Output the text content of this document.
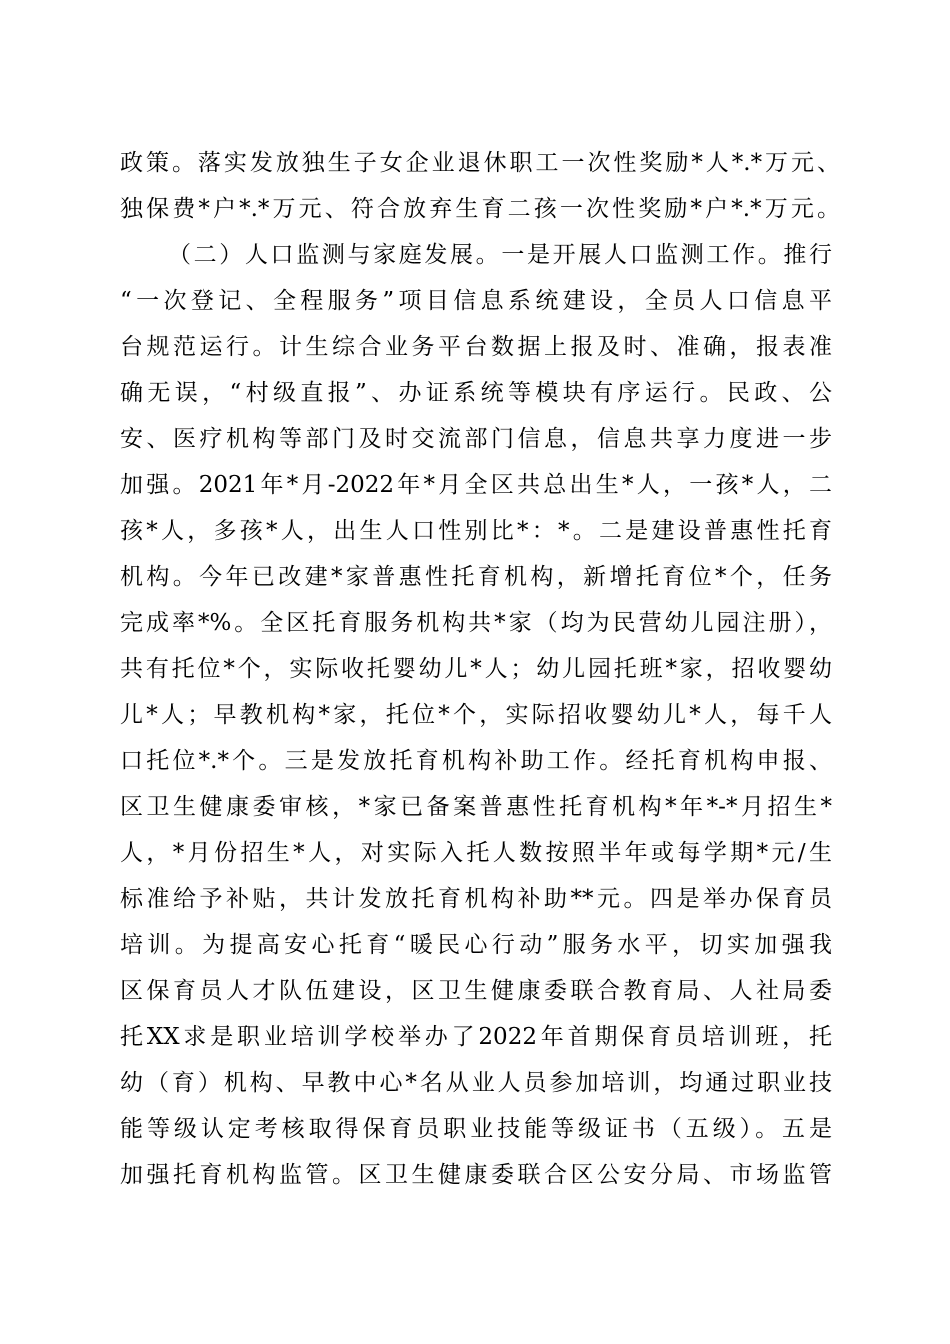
政策。落实发放独生子女企业退休职工一次性奖励*人*.*万元、
独保费*户*.*万元、符合放弃生育二孩一次性奖励*户*.*万元。
（二）人口监测与家庭发展。一是开展人口监测工作。推行
“一次登记、全程服务”项目信息系统建设，全员人口信息平
台规范运行。计生综合业务平台数据上报及时、准确，报表准
确无误，“村级直报”、办证系统等模块有序运行。民政、公
安、医疗机构等部门及时交流部门信息，信息共享力度进一步
加强。2021年*月-2022年*月全区共总出生*人，一孩*人，二
孩*人，多孩*人，出生人口性别比*：*。二是建设普惠性托育
机构。今年已改建*家普惠性托育机构，新增托育位*个，任务
完成率*%。全区托育服务机构共*家（均为民营幼儿园注册），
共有托位*个，实际收托婴幼儿*人；幼儿园托班*家，招收婴幼
儿*人；早教机构*家，托位*个，实际招收婴幼儿*人，每千人
口托位*.*个。三是发放托育机构补助工作。经托育机构申报、
区卫生健康委审核，*家已备案普惠性托育机构*年*-*月招生*
人，*月份招生*人，对实际入托人数按照半年或每学期*元/生
标准给予补贴，共计发放托育机构补助**元。四是举办保育员
培训。为提高安心托育“暖民心行动”服务水平，切实加强我
区保育员人才队伍建设，区卫生健康委联合教育局、人社局委
托XX求是职业培训学校举办了2022年首期保育员培训班，托
幼（育）机构、早教中心*名从业人员参加培训，均通过职业技
能等级认定考核取得保育员职业技能等级证书（五级）。五是
加强托育机构监管。区卫生健康委联合区公安分局、市场监管
